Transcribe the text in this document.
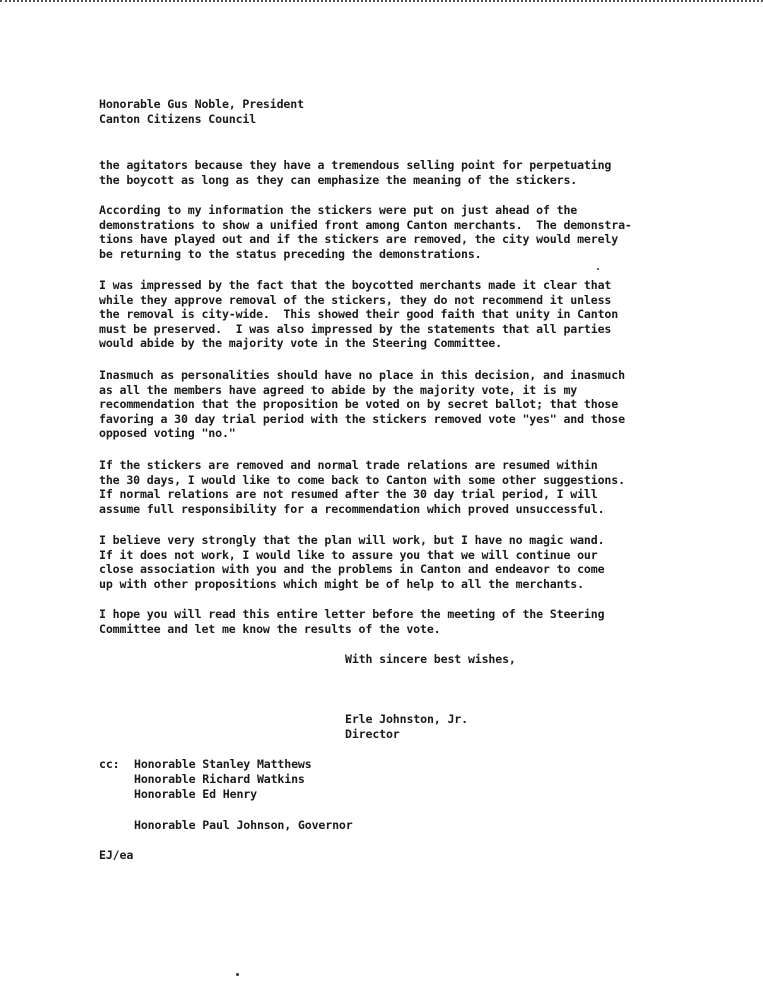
Honorable Gus Noble, President
Canton Citizens Council
the agitators because they have a tremendous selling point for perpetuating
the boycott as long as they can emphasize the meaning of the stickers.
According to my information the stickers were put on just ahead of the
demonstrations to show a unified front among Canton merchants.  The demonstra-
tions have played out and if the stickers are removed, the city would merely
be returning to the status preceding the demonstrations.
I was impressed by the fact that the boycotted merchants made it clear that
while they approve removal of the stickers, they do not recommend it unless
the removal is city-wide.  This showed their good faith that unity in Canton
must be preserved.  I was also impressed by the statements that all parties
would abide by the majority vote in the Steering Committee.
Inasmuch as personalities should have no place in this decision, and inasmuch
as all the members have agreed to abide by the majority vote, it is my
recommendation that the proposition be voted on by secret ballot; that those
favoring a 30 day trial period with the stickers removed vote "yes" and those
opposed voting "no."
If the stickers are removed and normal trade relations are resumed within
the 30 days, I would like to come back to Canton with some other suggestions.
If normal relations are not resumed after the 30 day trial period, I will
assume full responsibility for a recommendation which proved unsuccessful.
I believe very strongly that the plan will work, but I have no magic wand.
If it does not work, I would like to assure you that we will continue our
close association with you and the problems in Canton and endeavor to come
up with other propositions which might be of help to all the merchants.
I hope you will read this entire letter before the meeting of the Steering
Committee and let me know the results of the vote.
With sincere best wishes,
Erle Johnston, Jr.
Director
cc: Honorable Stanley Matthews
Honorable Richard Watkins
Honorable Ed Henry
Honorable Paul Johnson, Governor
EJ/ea
